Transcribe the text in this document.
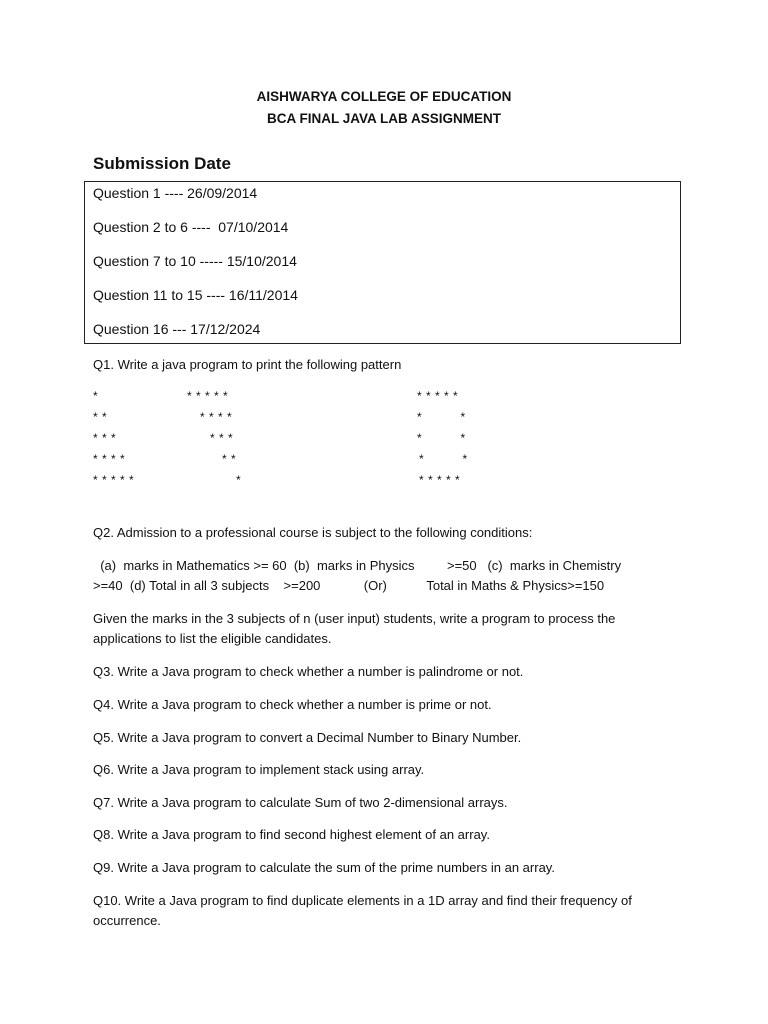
AISHWARYA COLLEGE OF EDUCATION
BCA FINAL JAVA LAB ASSIGNMENT
Submission Date
Question 1 ---- 26/09/2014
Question 2 to 6 ----  07/10/2014
Question 7 to 10 ----- 15/10/2014
Question 11 to 15 ---- 16/11/2014
Question 16 --- 17/12/2024
Q1. Write a java program to print the following pattern
*
* *
* * *
* * * *
* * * * *
* * * * *
* * * *
* * *
* *
*
* * * * *
*          *
*          *
*          *
* * * * *
Q2. Admission to a professional course is subject to the following conditions:
(a)  marks in Mathematics >= 60  (b)  marks in Physics         >=50   (c)  marks in Chemistry
>=40  (d) Total in all 3 subjects    >=200            (Or)           Total in Maths & Physics>=150
Given the marks in the 3 subjects of n (user input) students, write a program to process the applications to list the eligible candidates.
Q3. Write a Java program to check whether a number is palindrome or not.
Q4. Write a Java program to check whether a number is prime or not.
Q5. Write a Java program to convert a Decimal Number to Binary Number.
Q6. Write a Java program to implement stack using array.
Q7. Write a Java program to calculate Sum of two 2-dimensional arrays.
Q8. Write a Java program to find second highest element of an array.
Q9. Write a Java program to calculate the sum of the prime numbers in an array.
Q10. Write a Java program to find duplicate elements in a 1D array and find their frequency of occurrence.
